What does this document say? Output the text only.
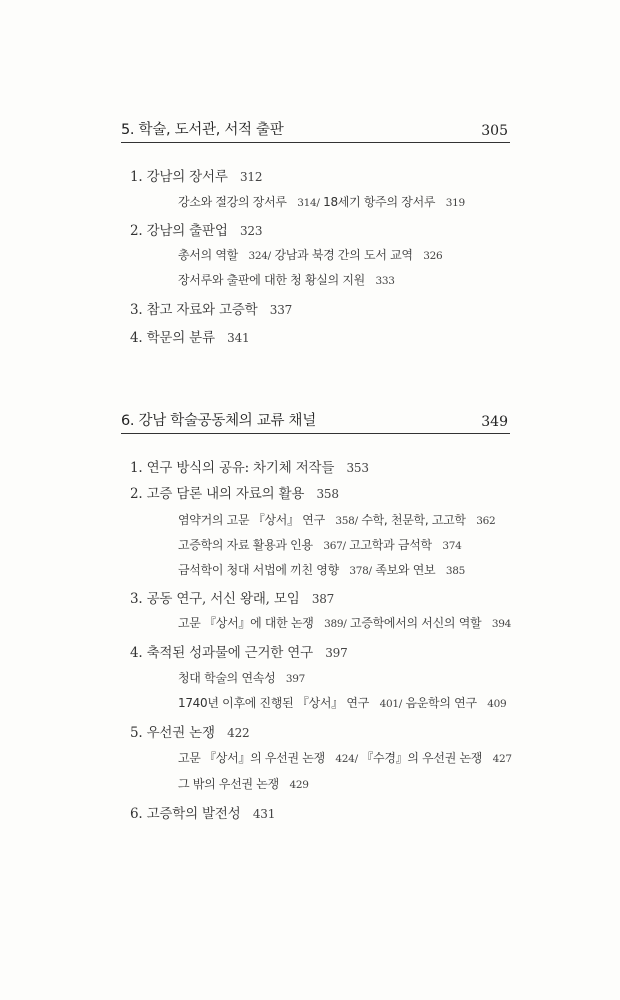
5. 학술, 도서관, 서적 출판	305
1. 강남의 장서루 312
강소와 절강의 장서루 314/ 18세기 항주의 장서루 319
2. 강남의 출판업 323
총서의 역할 324/ 강남과 북경 간의 도서 교역 326
장서루와 출판에 대한 청 황실의 지원 333
3. 참고 자료와 고증학 337
4. 학문의 분류 341
6. 강남 학술공동체의 교류 채널	349
1. 연구 방식의 공유: 차기체 저작들 353
2. 고증 담론 내의 자료의 활용 358
염약거의 고문 『상서』 연구 358/ 수학, 천문학, 고고학 362
고증학의 자료 활용과 인용 367/ 고고학과 금석학 374
금석학이 청대 서법에 끼친 영향 378/ 족보와 연보 385
3. 공동 연구, 서신 왕래, 모임 387
고문 『상서』에 대한 논쟁 389/ 고증학에서의 서신의 역할 394
4. 축적된 성과물에 근거한 연구 397
청대 학술의 연속성 397
1740년 이후에 진행된 『상서』 연구 401/ 음운학의 연구 409
5. 우선권 논쟁 422
고문 『상서』의 우선권 논쟁 424/ 『수경』의 우선권 논쟁 427
그 밖의 우선권 논쟁 429
6. 고증학의 발전성 431
